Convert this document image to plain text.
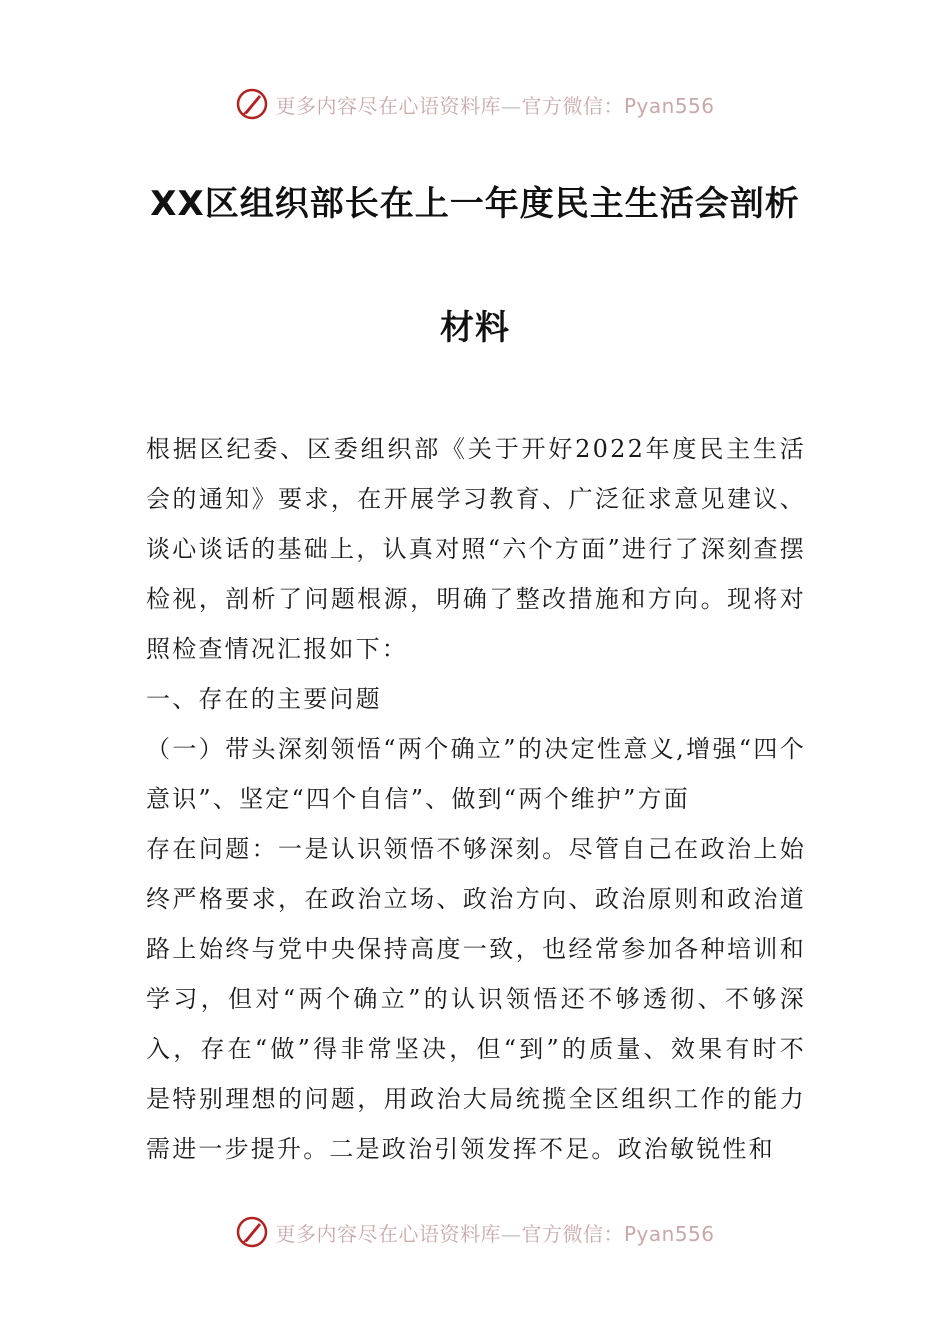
更多内容尽在心语资料库—官方微信：Pyan556
XX区组织部长在上一年度民主生活会剖析
材料

根据区纪委、区委组织部《关于开好2022年度民主生活会的通知》要求，在开展学习教育、广泛征求意见建议、谈心谈话的基础上，认真对照“六个方面”进行了深刻查摆检视，剖析了问题根源，明确了整改措施和方向。现将对照检查情况汇报如下：

一、存在的主要问题

（一）带头深刻领悟“两个确立”的决定性意义,增强“四个意识”、坚定“四个自信”、做到“两个维护”方面

存在问题：一是认识领悟不够深刻。尽管自己在政治上始终严格要求，在政治立场、政治方向、政治原则和政治道路上始终与党中央保持高度一致，也经常参加各种培训和学习，但对“两个确立”的认识领悟还不够透彻、不够深入，存在“做”得非常坚决，但“到”的质量、效果有时不是特别理想的问题，用政治大局统揽全区组织工作的能力需进一步提升。二是政治引领发挥不足。政治敏锐性和

更多内容尽在心语资料库—官方微信：Pyan556
